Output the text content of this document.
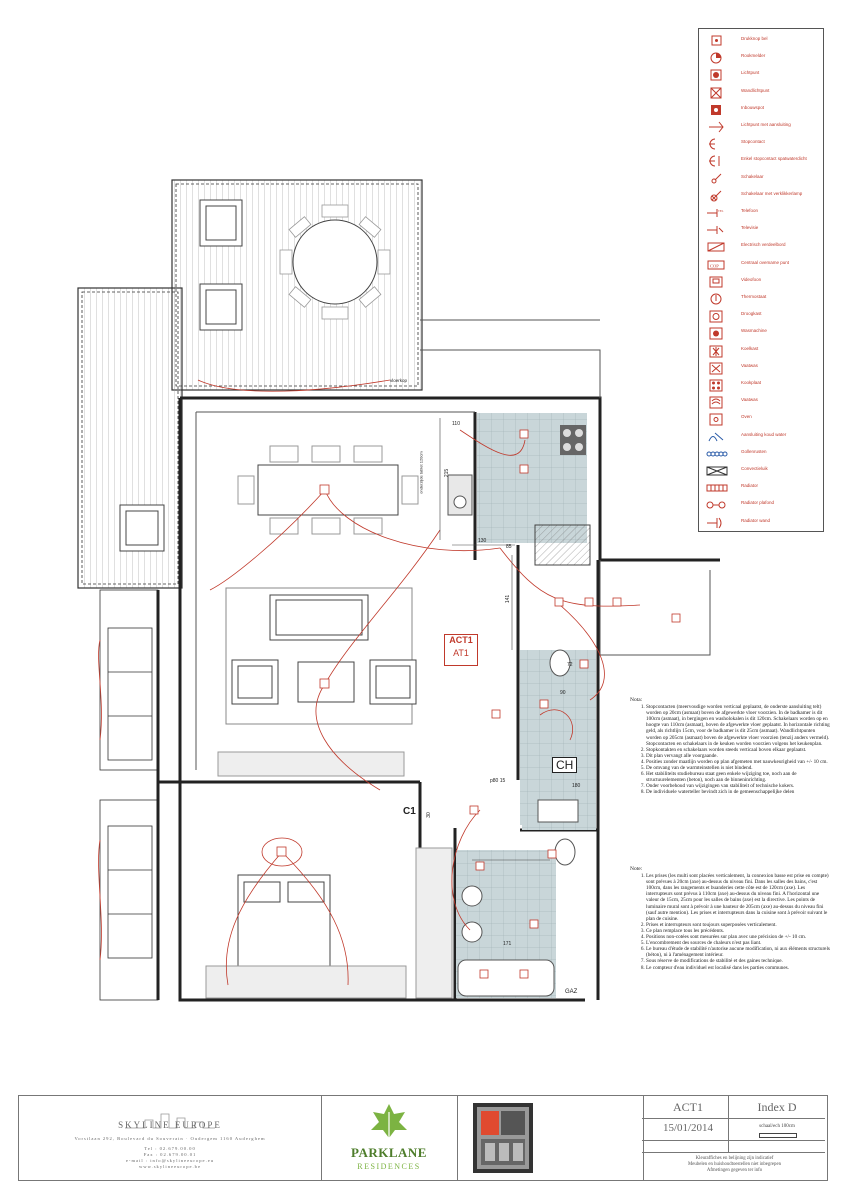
ACT1
AT1
CH
C1
GAZ
215
130
141
85
90
30
171
72
110
180
p80 15
onderzijde tablet 120cm
vloerkop
Drukknop bel
Rookmelder
Lichtpunt
Wandlichtpunt
Inbouwspot
Lichtpunt met aansluiting
Stopcontact
Enkel stopcontact spatwaterdicht
Schakelaar
Schakelaar met verklikkerlamp
TEL	Telefoon
Televisie
Electrisch verdeelbord
COP
Centraal ovemame punt
Videofoon
Thermostaat
Droogkast
Wasmachine
Koelkast
Vaatwas
Kookplaat
Vaatwas
Oven
Aansluiting koud water
Gollenrusten
Convectieluik
Radiator
Radiator plafond
Radiator wand
Nota:
1. Stopcontacten (meervoudige worden verticaal geplaatst, de onderste aansluiting telt) worden op 20cm (asmaat) boven de afgewerkte vloer voorzien. In de badkamer is dit 100cm (asmaat), in bergingen en washolokalen is dit 120cm. Schakelaars worden op en hoogte van 110cm (asmaat), boven de afgewerkte vloer geplaatst. In horizontale richting geld, als richtlijn 15cm, voor de badkamer is dit 25cm (asmaat). Wandlichtpunten worden op 205cm (asmaat) boven de afgewerkte vloer voorzien (tenzij anders vermeld). Stopcontacten en schakelaars in de keuken worden voorzien volgens het keukenplan.
2. Stopkontakten en schakelaars worden steeds verticaal boven elkaar geplaatst.
3. Dit plan vervangt alle voorgaande.
4. Posities zonder maatlijn worden op plan afgemeten met nauwkeurigheid van +/- 10 cm.
5. De omvang van de warmteinstellen is niet bindend.
6. Het stabiliteits studiebureau staat geen enkele wijziging toe, noch aan de structuurelementen (beton), noch aan de binneninrichting.
7. Onder voorbehoud van wijzigingen van stabiliteit of technische kokers.
8. De individuele waterteller bevindt zich in de gemeenschappelijke delen
Note:
1. Les prises (les multi sont placées verticalement, la connexion basse est prise en compte) sont prévues à 20cm (axe) au-dessus du niveau fini. Dans les salles des bains, c'est 100cm, dans les rangements et buanderies cette côte est de 120cm (axe). Les interrupteurs sont prévus à 110cm (axe) au-dessus du niveau fini. A l'horizontal une valeur de 15cm, 25cm pour les salles de bains (axe) est la directive. Les points de luminaire mural sont à prévoir à une hauteur de 205cm (axe) au-dessus du niveau fini (sauf autre mention). Les prises et interrupteurs dans la cuisine sont à prévoir suivant le plan de cuisine.
2. Prises et interrupteurs sont toujours superposées verticalement.
3. Ce plan remplace tous les précédents.
4. Positions non-cotées sont mesurées sur plan avec une précision de +/- 10 cm.
5. L'encombrement des sources de chaleurs n'est pas liant.
6. Le bureau d'étude de stabilité n'autorise aucune modification, ni aux éléments structurels (béton), ni à l'aménagement intérieur.
7. Sous réserve de modifications de stabilité et des gaines technique.
8. Le compteur d'eau individuel est localisé dans les parties communes.
SKYLINE EUROPE
Vorstlaan 292, Boulevard du Souverain · Oudergem 1160 Auderghem
Tel : 02.679.00.00
Fax : 02.679.00.01
e-mail : info@skylineeurope.eu
www.skylineeurope.be
PARKLANE
RESIDENCES
ACT1	Index D
15/01/2014	schaal/ech 100cm
Kleuraffiches en belijning zijn indicatief
Meubelen en huishoudtoestellen niet inbegrepen
Afmetingen gegeven ter info
